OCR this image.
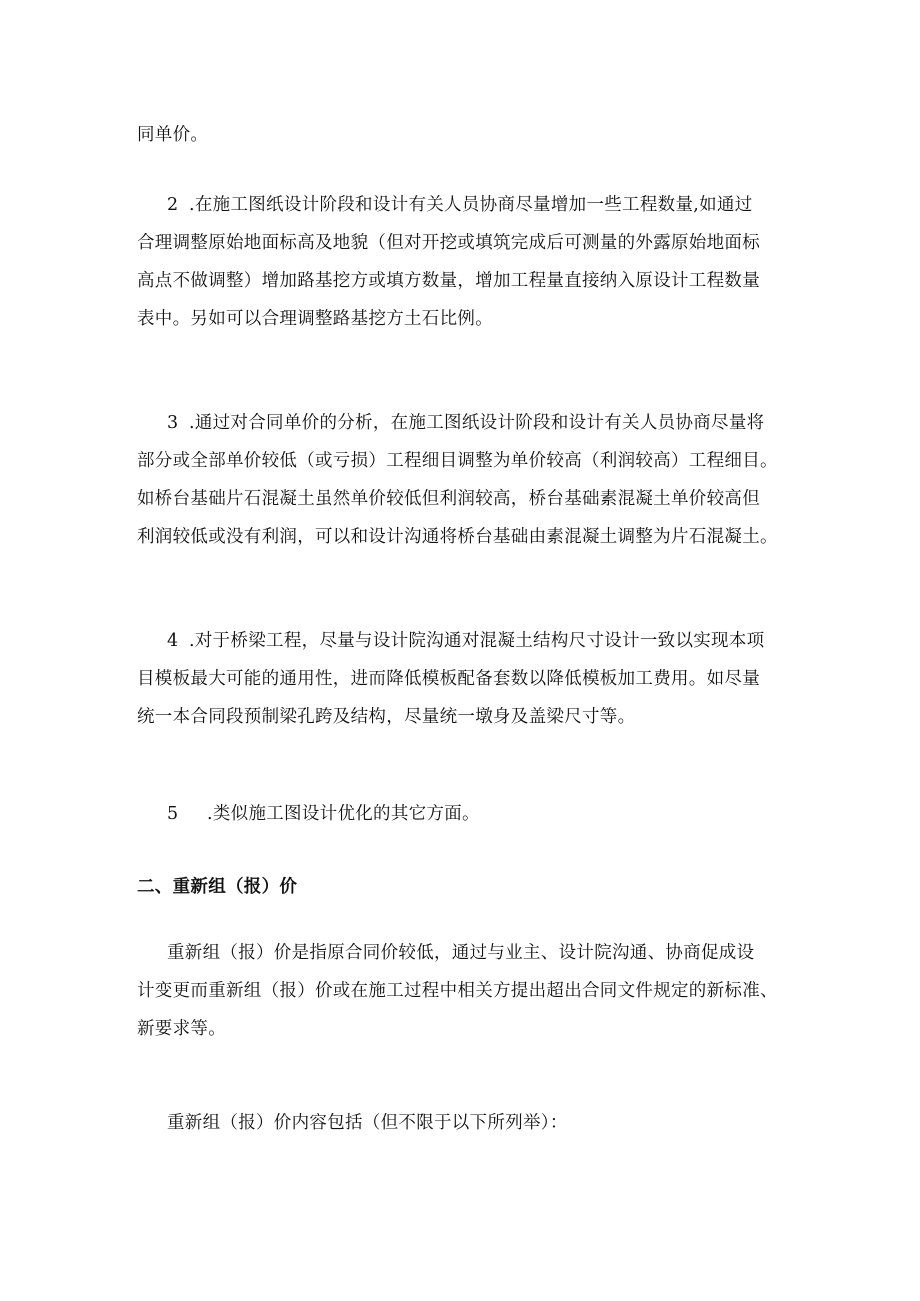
同单价。

2 .在施工图纸设计阶段和设计有关人员协商尽量增加一些工程数量,如通过
合理调整原始地面标高及地貌（但对开挖或填筑完成后可测量的外露原始地面标
高点不做调整）增加路基挖方或填方数量，增加工程量直接纳入原设计工程数量
表中。另如可以合理调整路基挖方土石比例。

3 .通过对合同单价的分析，在施工图纸设计阶段和设计有关人员协商尽量将
部分或全部单价较低（或亏损）工程细目调整为单价较高（利润较高）工程细目。
如桥台基础片石混凝土虽然单价较低但利润较高，桥台基础素混凝土单价较高但
利润较低或没有利润，可以和设计沟通将桥台基础由素混凝土调整为片石混凝土。

4 .对于桥梁工程，尽量与设计院沟通对混凝土结构尺寸设计一致以实现本项
目模板最大可能的通用性，进而降低模板配备套数以降低模板加工费用。如尽量
统一本合同段预制梁孔跨及结构，尽量统一墩身及盖梁尺寸等。

5 .类似施工图设计优化的其它方面。

二、重新组（报）价

重新组（报）价是指原合同价较低，通过与业主、设计院沟通、协商促成设
计变更而重新组（报）价或在施工过程中相关方提出超出合同文件规定的新标准、
新要求等。

重新组（报）价内容包括（但不限于以下所列举）：
